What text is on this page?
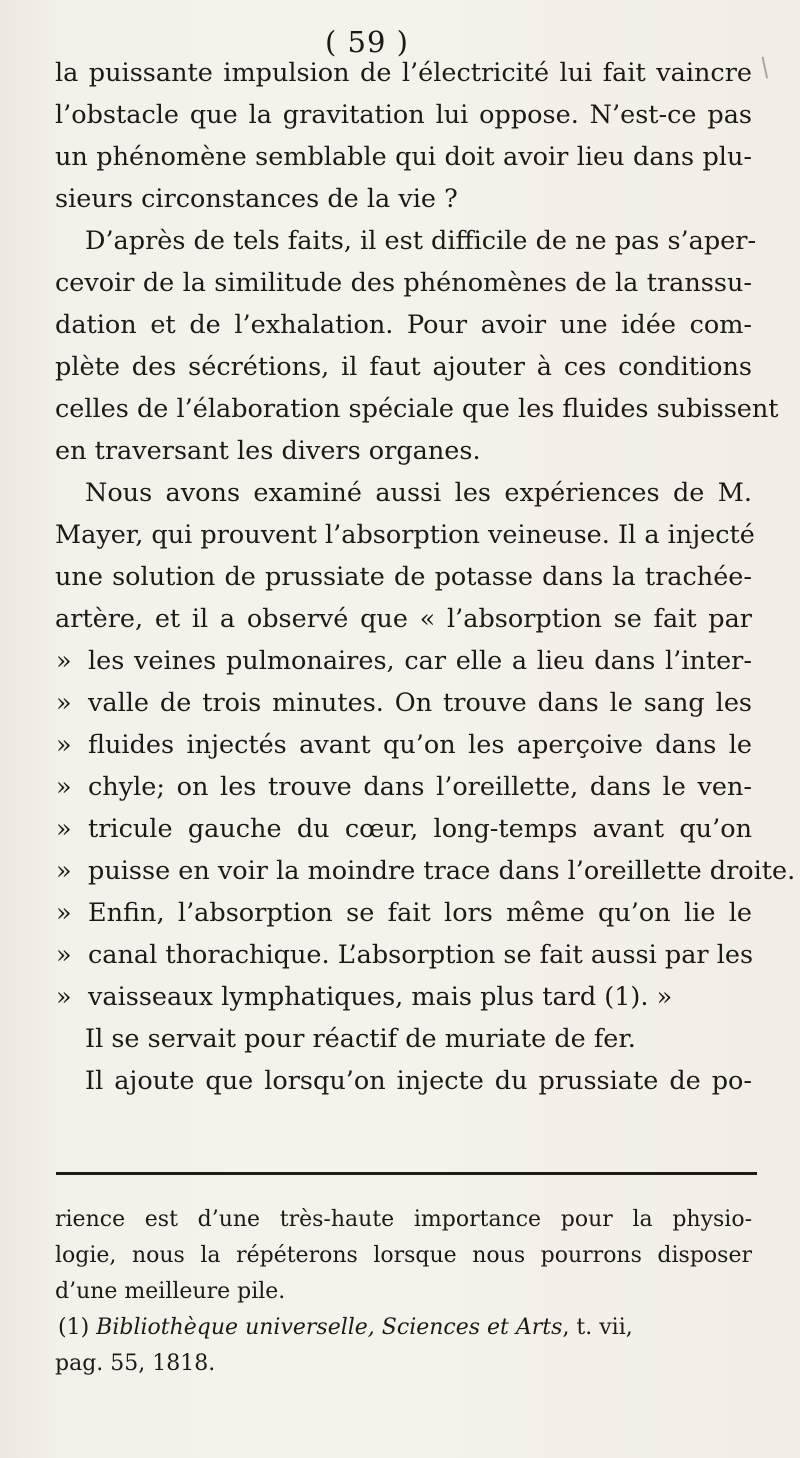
( 59 )
la puissante impulsion de l’électricité lui fait vaincre
l’obstacle que la gravitation lui oppose. N’est-ce pas
un phénomène semblable qui doit avoir lieu dans plu-
sieurs circonstances de la vie ?
D’après de tels faits, il est difficile de ne pas s’aper-
cevoir de la similitude des phénomènes de la transsu-
dation et de l’exhalation. Pour avoir une idée com-
plète des sécrétions, il faut ajouter à ces conditions
celles de l’élaboration spéciale que les fluides subissent
en traversant les divers organes.
Nous avons examiné aussi les expériences de M.
Mayer, qui prouvent l’absorption veineuse. Il a injecté
une solution de prussiate de potasse dans la trachée-
artère, et il a observé que « l’absorption se fait par
» les veines pulmonaires, car elle a lieu dans l’inter-
» valle de trois minutes. On trouve dans le sang les
» fluides injectés avant qu’on les aperçoive dans le
» chyle; on les trouve dans l’oreillette, dans le ven-
» tricule gauche du cœur, long-temps avant qu’on
» puisse en voir la moindre trace dans l’oreillette droite.
» Enfin, l’absorption se fait lors même qu’on lie le
» canal thorachique. L’absorption se fait aussi par les
» vaisseaux lymphatiques, mais plus tard (1). »
Il se servait pour réactif de muriate de fer.
Il ajoute que lorsqu’on injecte du prussiate de po-
rience est d’une très-haute importance pour la physio-
logie, nous la répéterons lorsque nous pourrons disposer
d’une meilleure pile.
(1) Bibliothèque universelle, Sciences et Arts, t. vii,
pag. 55, 1818.
